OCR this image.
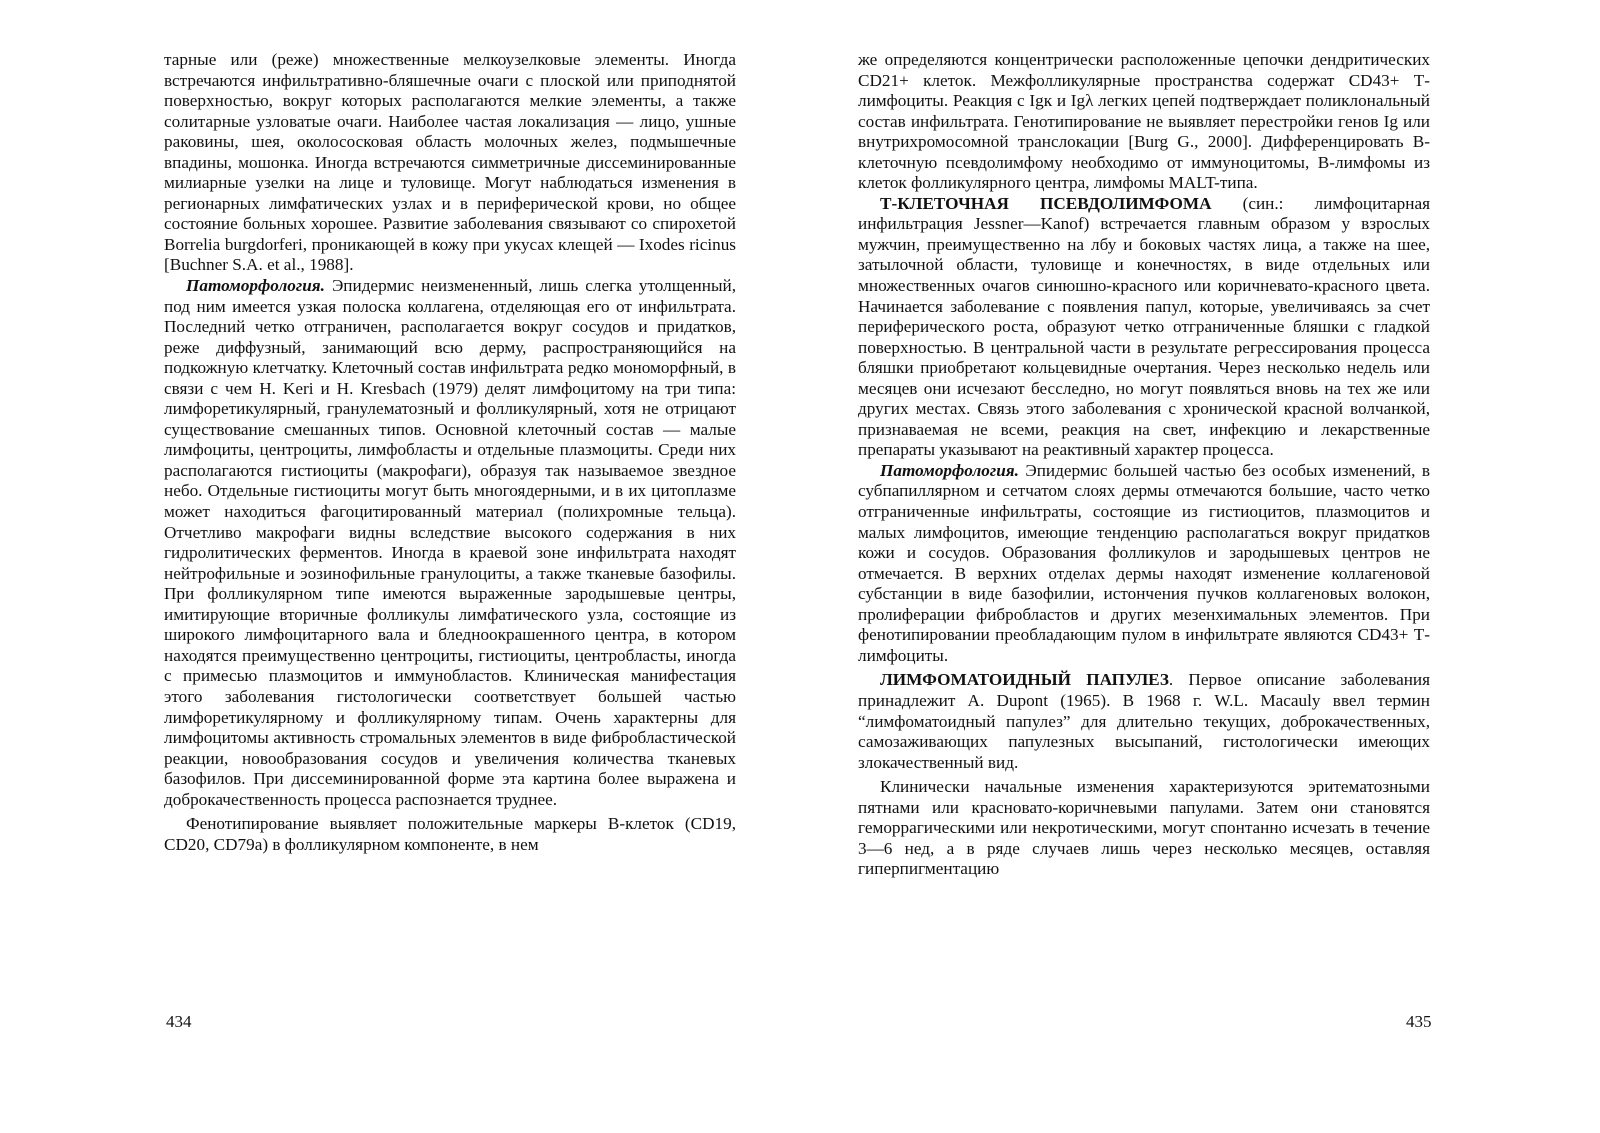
тарные или (реже) множественные мелкоузелковые элементы. Иногда встречаются инфильтративно-бляшечные очаги с плоской или приподнятой поверхностью, вокруг которых располагаются мелкие элементы, а также солитарные узловатые очаги. Наиболее частая локализация — лицо, ушные раковины, шея, околососковая область молочных желез, подмышечные впадины, мошонка. Иногда встречаются симметричные диссеминированные милиарные узелки на лице и туловище. Могут наблюдаться изменения в регионарных лимфатических узлах и в периферической крови, но общее состояние больных хорошее. Развитие заболевания связывают со спирохетой Borrelia burgdorferi, проникающей в кожу при укусах клещей — Ixodes ricinus [Buchner S.A. et al., 1988].

Патоморфология. Эпидермис неизмененный, лишь слегка утолщенный, под ним имеется узкая полоска коллагена, отделяющая его от инфильтрата. Последний четко отграничен, располагается вокруг сосудов и придатков, реже диффузный, занимающий всю дерму, распространяющийся на подкожную клетчатку. Клеточный состав инфильтрата редко мономорфный, в связи с чем H. Keri и H. Kresbach (1979) делят лимфоцитому на три типа: лимфоретикулярный, гранулематозный и фолликулярный, хотя не отрицают существование смешанных типов. Основной клеточный состав — малые лимфоциты, центроциты, лимфобласты и отдельные плазмоциты. Среди них располагаются гистиоциты (макрофаги), образуя так называемое звездное небо. Отдельные гистиоциты могут быть многоядерными, и в их цитоплазме может находиться фагоцитированный материал (полихромные тельца). Отчетливо макрофаги видны вследствие высокого содержания в них гидролитических ферментов. Иногда в краевой зоне инфильтрата находят нейтрофильные и эозинофильные гранулоциты, а также тканевые базофилы. При фолликулярном типе имеются выраженные зародышевые центры, имитирующие вторичные фолликулы лимфатического узла, состоящие из широкого лимфоцитарного вала и бледноокрашенного центра, в котором находятся преимущественно центроциты, гистиоциты, центробласты, иногда с примесью плазмоцитов и иммунобластов. Клиническая манифестация этого заболевания гистологически соответствует большей частью лимфоретикулярному и фолликулярному типам. Очень характерны для лимфоцитомы активность стромальных элементов в виде фибробластической реакции, новообразования сосудов и увеличения количества тканевых базофилов. При диссеминированной форме эта картина более выражена и доброкачественность процесса распознается труднее.

Фенотипирование выявляет положительные маркеры В-клеток (CD19, CD20, CD79a) в фолликулярном компоненте, в нем

434

же определяются концентрически расположенные цепочки дендритических CD21+ клеток. Межфолликулярные пространства содержат CD43+ Т-лимфоциты. Реакция с Igк и Igλ легких цепей подтверждает поликлональный состав инфильтрата. Генотипирование не выявляет перестройки генов Ig или внутрихромосомной транслокации [Burg G., 2000]. Дифференцировать В-клеточную псевдолимфому необходимо от иммуноцитомы, В-лимфомы из клеток фолликулярного центра, лимфомы MALT-типа.

Т-КЛЕТОЧНАЯ ПСЕВДОЛИМФОМА (син.: лимфоцитарная инфильтрация Jessner—Kanof) встречается главным образом у взрослых мужчин, преимущественно на лбу и боковых частях лица, а также на шее, затылочной области, туловище и конечностях, в виде отдельных или множественных очагов синюшно-красного или коричневато-красного цвета. Начинается заболевание с появления папул, которые, увеличиваясь за счет периферического роста, образуют четко отграниченные бляшки с гладкой поверхностью. В центральной части в результате регрессирования процесса бляшки приобретают кольцевидные очертания. Через несколько недель или месяцев они исчезают бесследно, но могут появляться вновь на тех же или других местах. Связь этого заболевания с хронической красной волчанкой, признаваемая не всеми, реакция на свет, инфекцию и лекарственные препараты указывают на реактивный характер процесса.

Патоморфология. Эпидермис большей частью без особых изменений, в субпапиллярном и сетчатом слоях дермы отмечаются большие, часто четко отграниченные инфильтраты, состоящие из гистиоцитов, плазмоцитов и малых лимфоцитов, имеющие тенденцию располагаться вокруг придатков кожи и сосудов. Образования фолликулов и зародышевых центров не отмечается. В верхних отделах дермы находят изменение коллагеновой субстанции в виде базофилии, истончения пучков коллагеновых волокон, пролиферации фибробластов и других мезенхимальных элементов. При фенотипировании преобладающим пулом в инфильтрате являются CD43+ Т-лимфоциты.

ЛИМФОМАТОИДНЫЙ ПАПУЛЕЗ. Первое описание заболевания принадлежит A. Dupont (1965). В 1968 г. W.L. Macauly ввел термин “лимфоматоидный папулез” для длительно текущих, доброкачественных, самозаживающих папулезных высыпаний, гистологически имеющих злокачественный вид.

Клинически начальные изменения характеризуются эритематозными пятнами или красновато-коричневыми папулами. Затем они становятся геморрагическими или некротическими, могут спонтанно исчезать в течение 3—6 нед, а в ряде случаев лишь через несколько месяцев, оставляя гиперпигментацию

435
